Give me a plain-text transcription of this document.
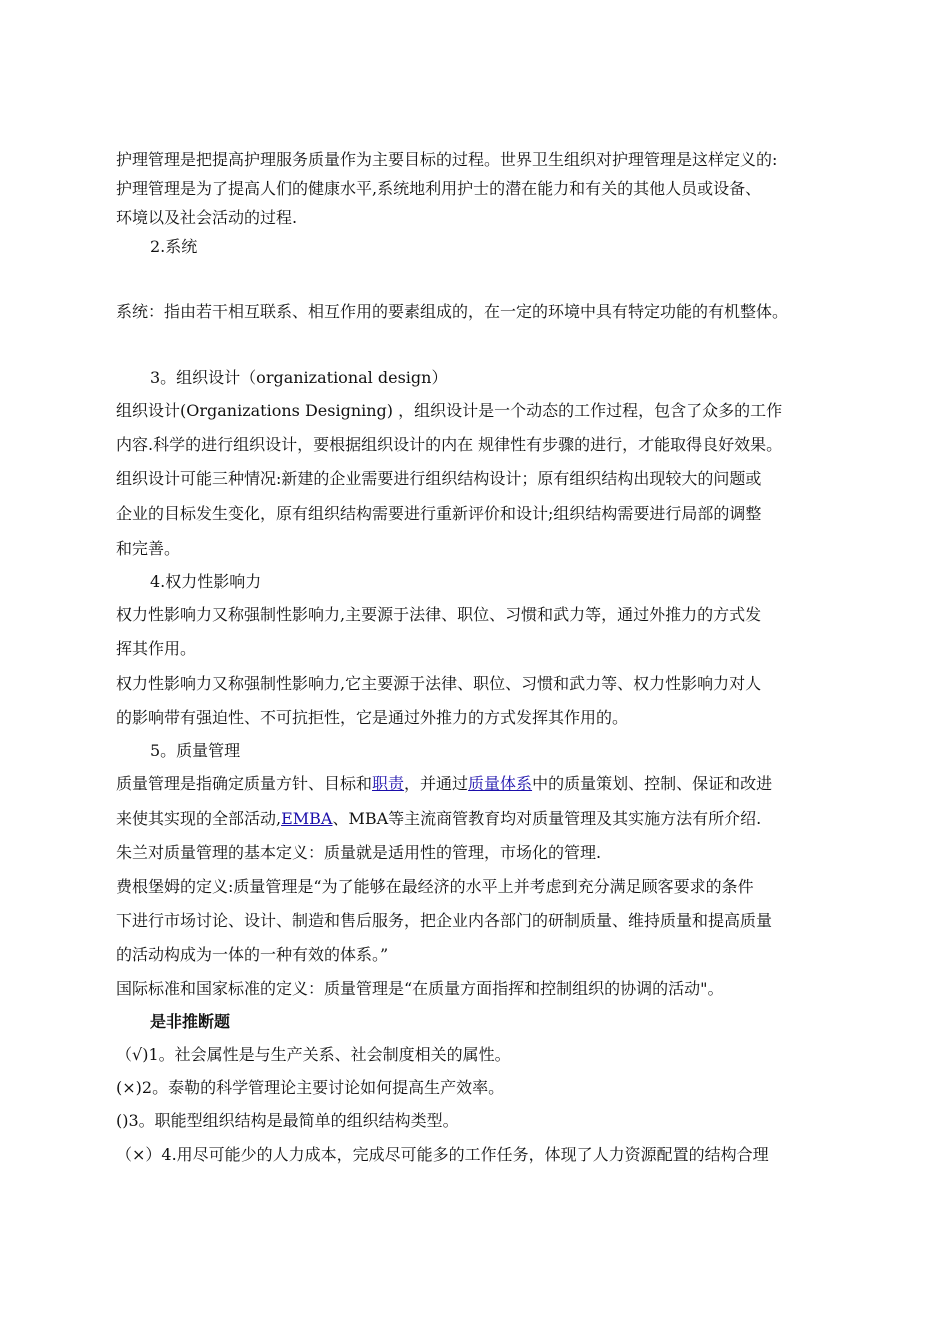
护理管理是把提高护理服务质量作为主要目标的过程。世界卫生组织对护理管理是这样定义的:
护理管理是为了提高人们的健康水平,系统地利用护士的潜在能力和有关的其他人员或设备、
环境以及社会活动的过程.
2.系统
系统：指由若干相互联系、相互作用的要素组成的，在一定的环境中具有特定功能的有机整体。
3。组织设计（organizational design）
组织设计(Organizations Designing) ，组织设计是一个动态的工作过程，包含了众多的工作
内容.科学的进行组织设计，要根据组织设计的内在 规律性有步骤的进行，才能取得良好效果。
组织设计可能三种情况:新建的企业需要进行组织结构设计；原有组织结构出现较大的问题或
企业的目标发生变化，原有组织结构需要进行重新评价和设计;组织结构需要进行局部的调整
和完善。
4.权力性影响力
权力性影响力又称强制性影响力,主要源于法律、职位、习惯和武力等，通过外推力的方式发
挥其作用。
权力性影响力又称强制性影响力,它主要源于法律、职位、习惯和武力等、权力性影响力对人
的影响带有强迫性、不可抗拒性，它是通过外推力的方式发挥其作用的。
5。质量管理
质量管理是指确定质量方针、目标和职责，并通过质量体系中的质量策划、控制、保证和改进
来使其实现的全部活动,EMBA、MBA等主流商管教育均对质量管理及其实施方法有所介绍.
朱兰对质量管理的基本定义：质量就是适用性的管理，市场化的管理.
费根堡姆的定义:质量管理是“为了能够在最经济的水平上并考虑到充分满足顾客要求的条件
下进行市场讨论、设计、制造和售后服务，把企业内各部门的研制质量、维持质量和提高质量
的活动构成为一体的一种有效的体系。”
国际标准和国家标准的定义：质量管理是“在质量方面指挥和控制组织的协调的活动"。
是非推断题
（√)1。社会属性是与生产关系、社会制度相关的属性。
(×)2。泰勒的科学管理论主要讨论如何提高生产效率。
()3。职能型组织结构是最简单的组织结构类型。
（×）4.用尽可能少的人力成本，完成尽可能多的工作任务，体现了人力资源配置的结构合理
